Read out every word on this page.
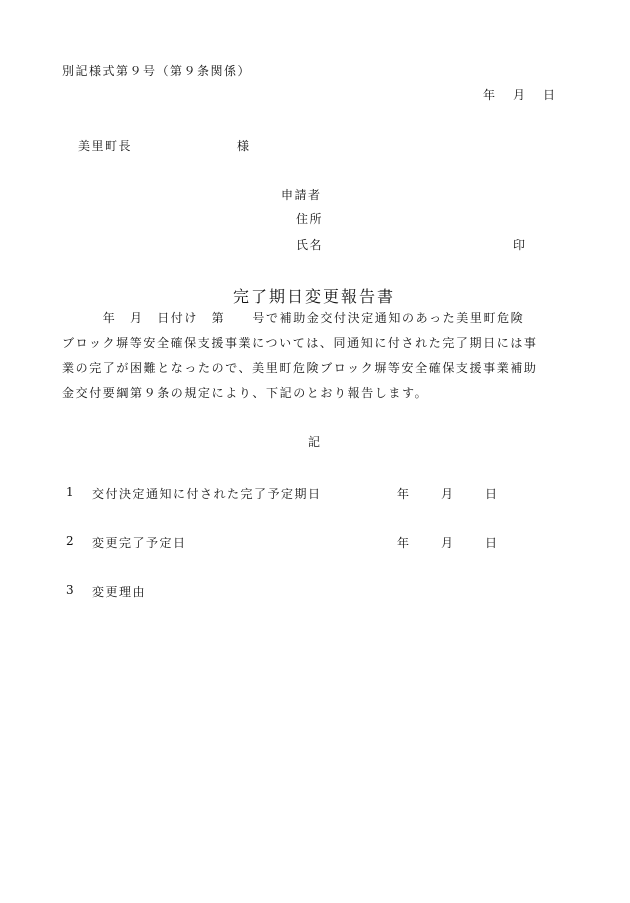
別記様式第９号（第９条関係）
年 月 日
美里町長	様
申請者
住所
氏名	印
完了期日変更報告書
　　　年　月　日付け　第　　号で補助金交付決定通知のあった美里町危険
ブロック塀等安全確保支援事業については、同通知に付された完了期日には事
業の完了が困難となったので、美里町危険ブロック塀等安全確保支援事業補助
金交付要綱第９条の規定により、下記のとおり報告します。
記
1 交付決定通知に付された完了予定期日	年	月	日
2 変更完了予定日	年	月	日
3 変更理由
